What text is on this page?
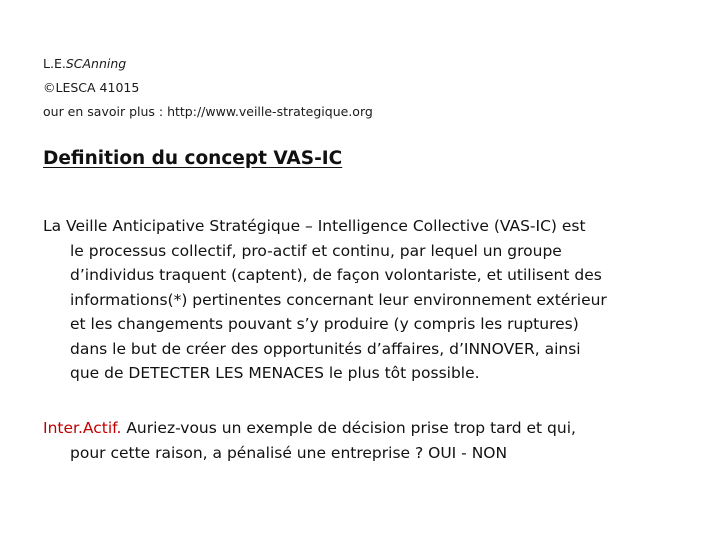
L.E.SCAnning
©LESCA 41015
our en savoir plus : http://www.veille-strategique.org
Definition du concept VAS-IC
La Veille Anticipative Stratégique – Intelligence Collective (VAS-IC) est
le processus collectif, pro-actif et continu, par lequel un groupe
d’individus traquent (captent), de façon volontariste, et utilisent des
informations(*) pertinentes concernant leur environnement extérieur
et les changements pouvant s’y produire (y compris les ruptures)
dans le but de créer des opportunités d’affaires, d’INNOVER, ainsi
que de DETECTER LES MENACES le plus tôt possible.
Inter.Actif. Auriez-vous un exemple de décision prise trop tard et qui,
pour cette raison, a pénalisé une entreprise ? OUI - NON
